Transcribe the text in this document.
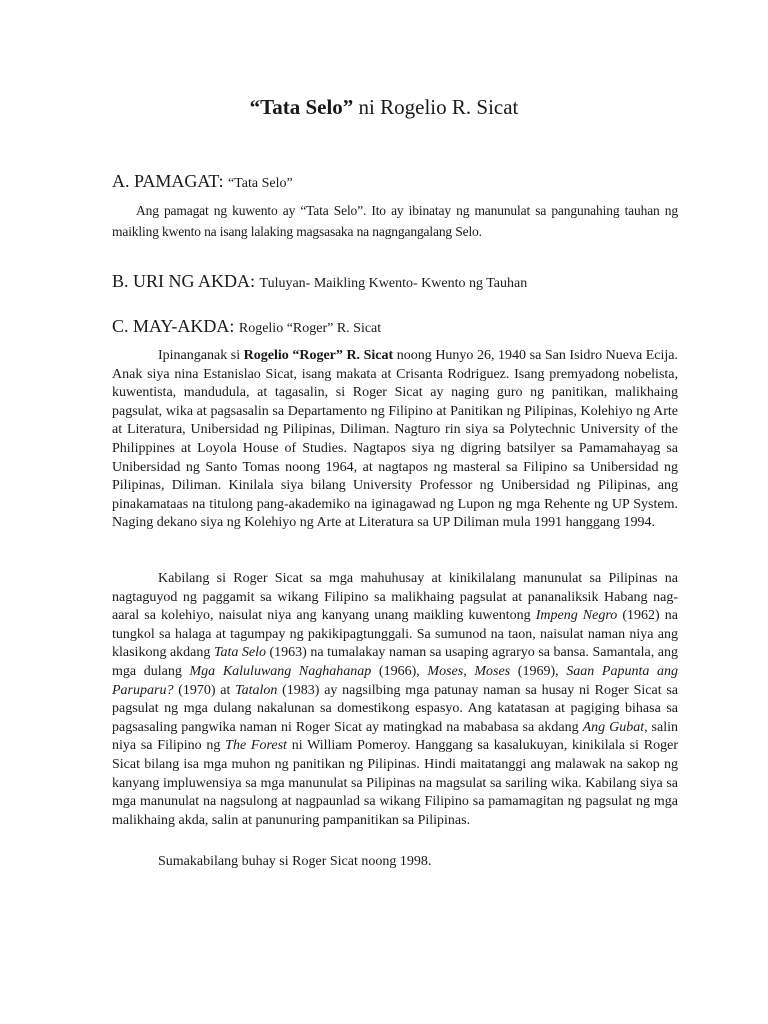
“Tata Selo” ni Rogelio R. Sicat
A. PAMAGAT: “Tata Selo”

Ang pamagat ng kuwento ay “Tata Selo”. Ito ay ibinatay ng manunulat sa pangunahing tauhan ng maikling kwento na isang lalaking magsasaka na nagngangalang Selo.

B. URI NG AKDA: Tuluyan- Maikling Kwento- Kwento ng Tauhan
C. MAY-AKDA: Rogelio “Roger” R. Sicat

Ipinanganak si Rogelio “Roger” R. Sicat noong Hunyo 26, 1940 sa San Isidro Nueva Ecija. Anak siya nina Estanislao Sicat, isang makata at Crisanta Rodriguez. Isang premyadong nobelista, kuwentista, mandudula, at tagasalin, si Roger Sicat ay naging guro ng panitikan, malikhaing pagsulat, wika at pagsasalin sa Departamento ng Filipino at Panitikan ng Pilipinas, Kolehiyo ng Arte at Literatura, Unibersidad ng Pilipinas, Diliman. Nagturo rin siya sa Polytechnic University of the Philippines at Loyola House of Studies. Nagtapos siya ng digring batsilyer sa Pamamahayag sa Unibersidad ng Santo Tomas noong 1964, at nagtapos ng masteral sa Filipino sa Unibersidad ng Pilipinas, Diliman. Kinilala siya bilang University Professor ng Unibersidad ng Pilipinas, ang pinakamataas na titulong pang-akademiko na iginagawad ng Lupon ng mga Rehente ng UP System. Naging dekano siya ng Kolehiyo ng Arte at Literatura sa UP Diliman mula 1991 hanggang 1994.

Kabilang si Roger Sicat sa mga mahuhusay at kinikilalang manunulat sa Pilipinas na nagtaguyod ng paggamit sa wikang Filipino sa malikhaing pagsulat at pananaliksik Habang nag-aaral sa kolehiyo, naisulat niya ang kanyang unang maikling kuwentong Impeng Negro (1962) na tungkol sa halaga at tagumpay ng pakikipagtunggali. Sa sumunod na taon, naisulat naman niya ang klasikong akdang Tata Selo (1963) na tumalakay naman sa usaping agraryo sa bansa. Samantala, ang mga dulang Mga Kaluluwang Naghahanap (1966), Moses, Moses (1969), Saan Papunta ang Paruparu? (1970) at Tatalon (1983) ay nagsilbing mga patunay naman sa husay ni Roger Sicat sa pagsulat ng mga dulang nakalunan sa domestikong espasyo. Ang katatasan at pagiging bihasa sa pagsasaling pangwika naman ni Roger Sicat ay matingkad na mababasa sa akdang Ang Gubat, salin niya sa Filipino ng The Forest ni William Pomeroy. Hanggang sa kasalukuyan, kinikilala si Roger Sicat bilang isa mga muhon ng panitikan ng Pilipinas. Hindi maitatanggi ang malawak na sakop ng kanyang impluwensiya sa mga manunulat sa Pilipinas na magsulat sa sariling wika. Kabilang siya sa mga manunulat na nagsulong at nagpaunlad sa wikang Filipino sa pamamagitan ng pagsulat ng mga malikhaing akda, salin at panunuring pampanitikan sa Pilipinas.

Sumakabilang buhay si Roger Sicat noong 1998.
